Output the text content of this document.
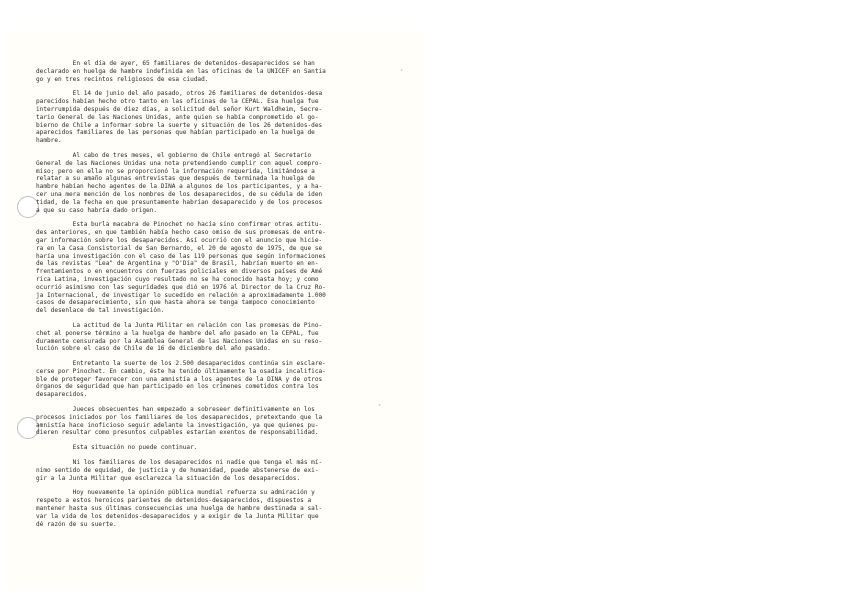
·
·
En el día de ayer, 65 familiares de detenidos-desaparecidos se han
declarado en huelga de hambre indefinida en las oficinas de la UNICEF en Santia
go y en tres recintos religiosos de esa ciudad.
El 14 de junio del año pasado, otros 26 familiares de detenidos-desa
parecidos habían hecho otro tanto en las oficinas de la CEPAL. Esa huelga fue
interrumpida después de diez días, a solicitud del señor Kurt Waldheim, Secre-
tario General de las Naciones Unidas, ante quien se había comprometido el go-
bierno de Chile a informar sobre la suerte y situación de los 26 detenidos-des
aparecidos familiares de las personas que habían participado en la huelga de
hambre.
Al cabo de tres meses, el gobierno de Chile entregó al Secretario
General de las Naciones Unidas una nota pretendiendo cumplir con aquel compro-
miso; pero en ella no se proporcionó la información requerida, limitándose a
relatar a su amaño algunas entrevistas que después de terminada la huelga de
hambre habían hecho agentes de la DINA a algunos de los participantes, y a ha-
cer una mera mención de los nombres de los desaparecidos, de su cédula de iden
tidad, de la fecha en que presuntamente habrían desaparecido y de los procesos
a que su caso habría dado origen.
Esta burla macabra de Pinochet no hacía sino confirmar otras actitu-
des anteriores, en que también había hecho caso omiso de sus promesas de entre-
gar información sobre los desaparecidos. Así ocurrió con el anuncio que hicie-
ra en la Casa Consistorial de San Bernardo, el 20 de agosto de 1975, de que se
haría una investigación con el caso de las 119 personas que según informaciones
de las revistas "Lea" de Argentina y "O'Dia" de Brasil, habrían muerto en en-
frentamientos o en encuentros con fuerzas policiales en diversos países de Amé
rica Latina, investigación cuyo resultado no se ha conocido hasta hoy; y como
ocurrió asimismo con las seguridades que dió en 1976 al Director de la Cruz Ro-
ja Internacional, de investigar lo sucedido en relación a aproximadamente 1.000
casos de desaparecimiento, sin que hasta ahora se tenga tampoco conocimiento
del desenlace de tal investigación.
La actitud de la Junta Militar en relación con las promesas de Pino-
chet al ponerse término a la huelga de hambre del año pasado en la CEPAL, fue
duramente censurada por la Asamblea General de las Naciones Unidas en su reso-
lución sobre el caso de Chile de 16 de diciembre del año pasado.
Entretanto la suerte de los 2.500 desaparecidos continúa sin esclare-
cerse por Pinochet. En cambio, éste ha tenido últimamente la osadía incalifica-
ble de proteger favorecer con una amnistía a los agentes de la DINA y de otros
órganos de seguridad que han participado en los crímenes cometidos contra los
desaparecidos.
Jueces obsecuentes han empezado a sobreseer definitivamente en los
procesos iniciados por los familiares de los desaparecidos, pretextando que la
amnistía hace inoficioso seguir adelante la investigación, ya que quienes pu-
dieren resultar como presuntos culpables estarían exentos de responsabilidad.
Esta situación no puede continuar.
Ni los familiares de los desaparecidos ni nadie que tenga el más mí-
nimo sentido de equidad, de justicia y de humanidad, puede abstenerse de exi-
gir a la Junta Militar que esclarezca la situación de los desaparecidos.
Hoy nuevamente la opinión pública mundial refuerza su admiración y
respeto a estos heroicos parientes de detenidos-desaparecidos, dispuestos a
mantener hasta sus últimas consecuencias una huelga de hambre destinada a sal-
var la vida de los detenidos-desaparecidos y a exigir de la Junta Militar que
dé razón de su suerte.
